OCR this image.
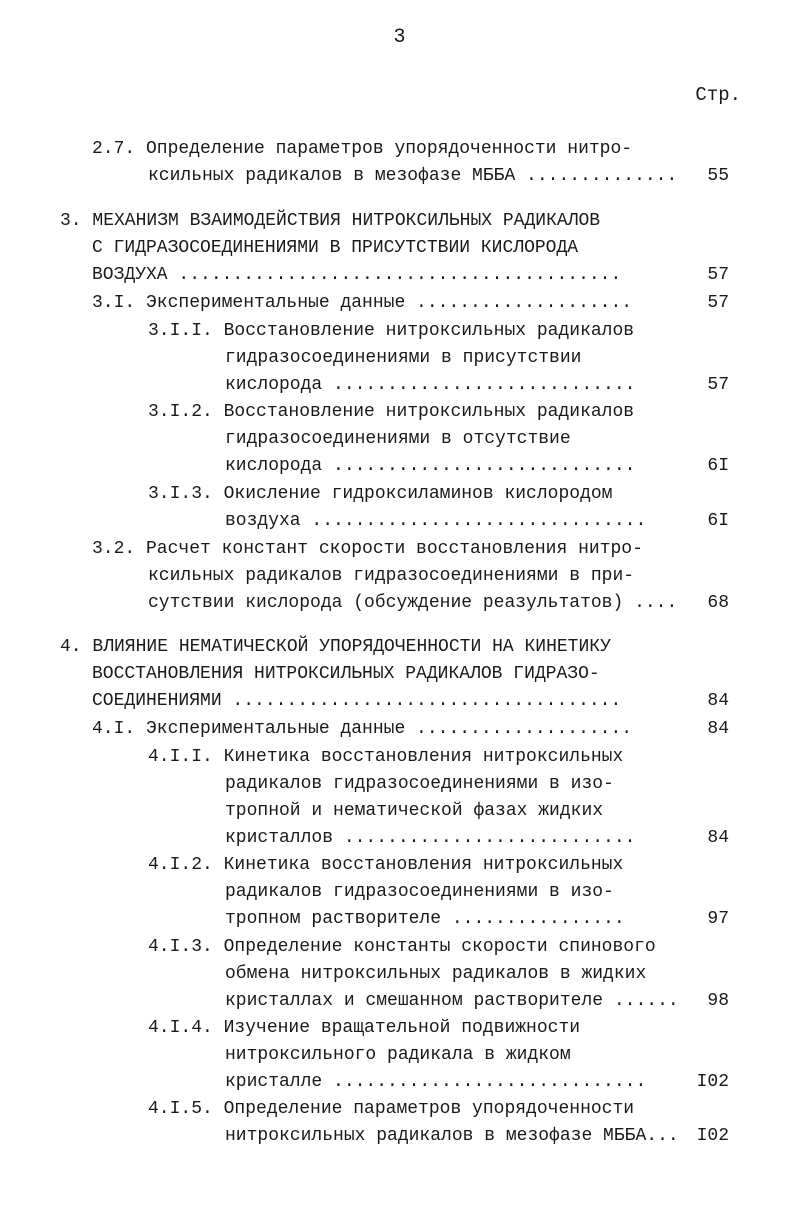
3
Стр.
2.7. Определение параметров упорядоченности нитро-
ксильных радикалов в мезофазе МББА .............. 55
3. МЕХАНИЗМ ВЗАИМОДЕЙСТВИЯ НИТРОКСИЛЬНЫХ РАДИКАЛОВ
С ГИДРАЗОСОЕДИНЕНИЯМИ В ПРИСУТСТВИИ КИСЛОРОДА
ВОЗДУХА .........................................	57
3.I. Экспериментальные данные ....................	57
3.I.I. Восстановление нитроксильных радикалов
гидразосоединениями в присутствии
кислорода ............................	57
3.I.2. Восстановление нитроксильных радикалов
гидразосоединениями в отсутствие
кислорода ............................	6I
3.I.3. Окисление гидроксиламинов кислородом
воздуха ...............................	6I
3.2. Расчет констант скорости восстановления нитро-
ксильных радикалов гидразосоединениями в при-
сутствии кислорода (обсуждение реазультатов) .... 68
4. ВЛИЯНИЕ НЕМАТИЧЕСКОЙ УПОРЯДОЧЕННОСТИ НА КИНЕТИКУ
ВОССТАНОВЛЕНИЯ НИТРОКСИЛЬНЫХ РАДИКАЛОВ ГИДРАЗО-
СОЕДИНЕНИЯМИ ....................................	84
4.I. Экспериментальные данные ....................	84
4.I.I. Кинетика восстановления нитроксильных
радикалов гидразосоединениями в изо-
тропной и нематической фазах жидких
кристаллов ...........................	84
4.I.2. Кинетика восстановления нитроксильных
радикалов гидразосоединениями в изо-
тропном растворителе ................	97
4.I.3. Определение константы скорости спинового
обмена нитроксильных радикалов в жидких
кристаллах и смешанном растворителе ...... 98
4.I.4. Изучение вращательной подвижности
нитроксильного радикала в жидком
кристалле .............................	I02
4.I.5. Определение параметров упорядоченности
нитроксильных радикалов в мезофазе МББА... I02
